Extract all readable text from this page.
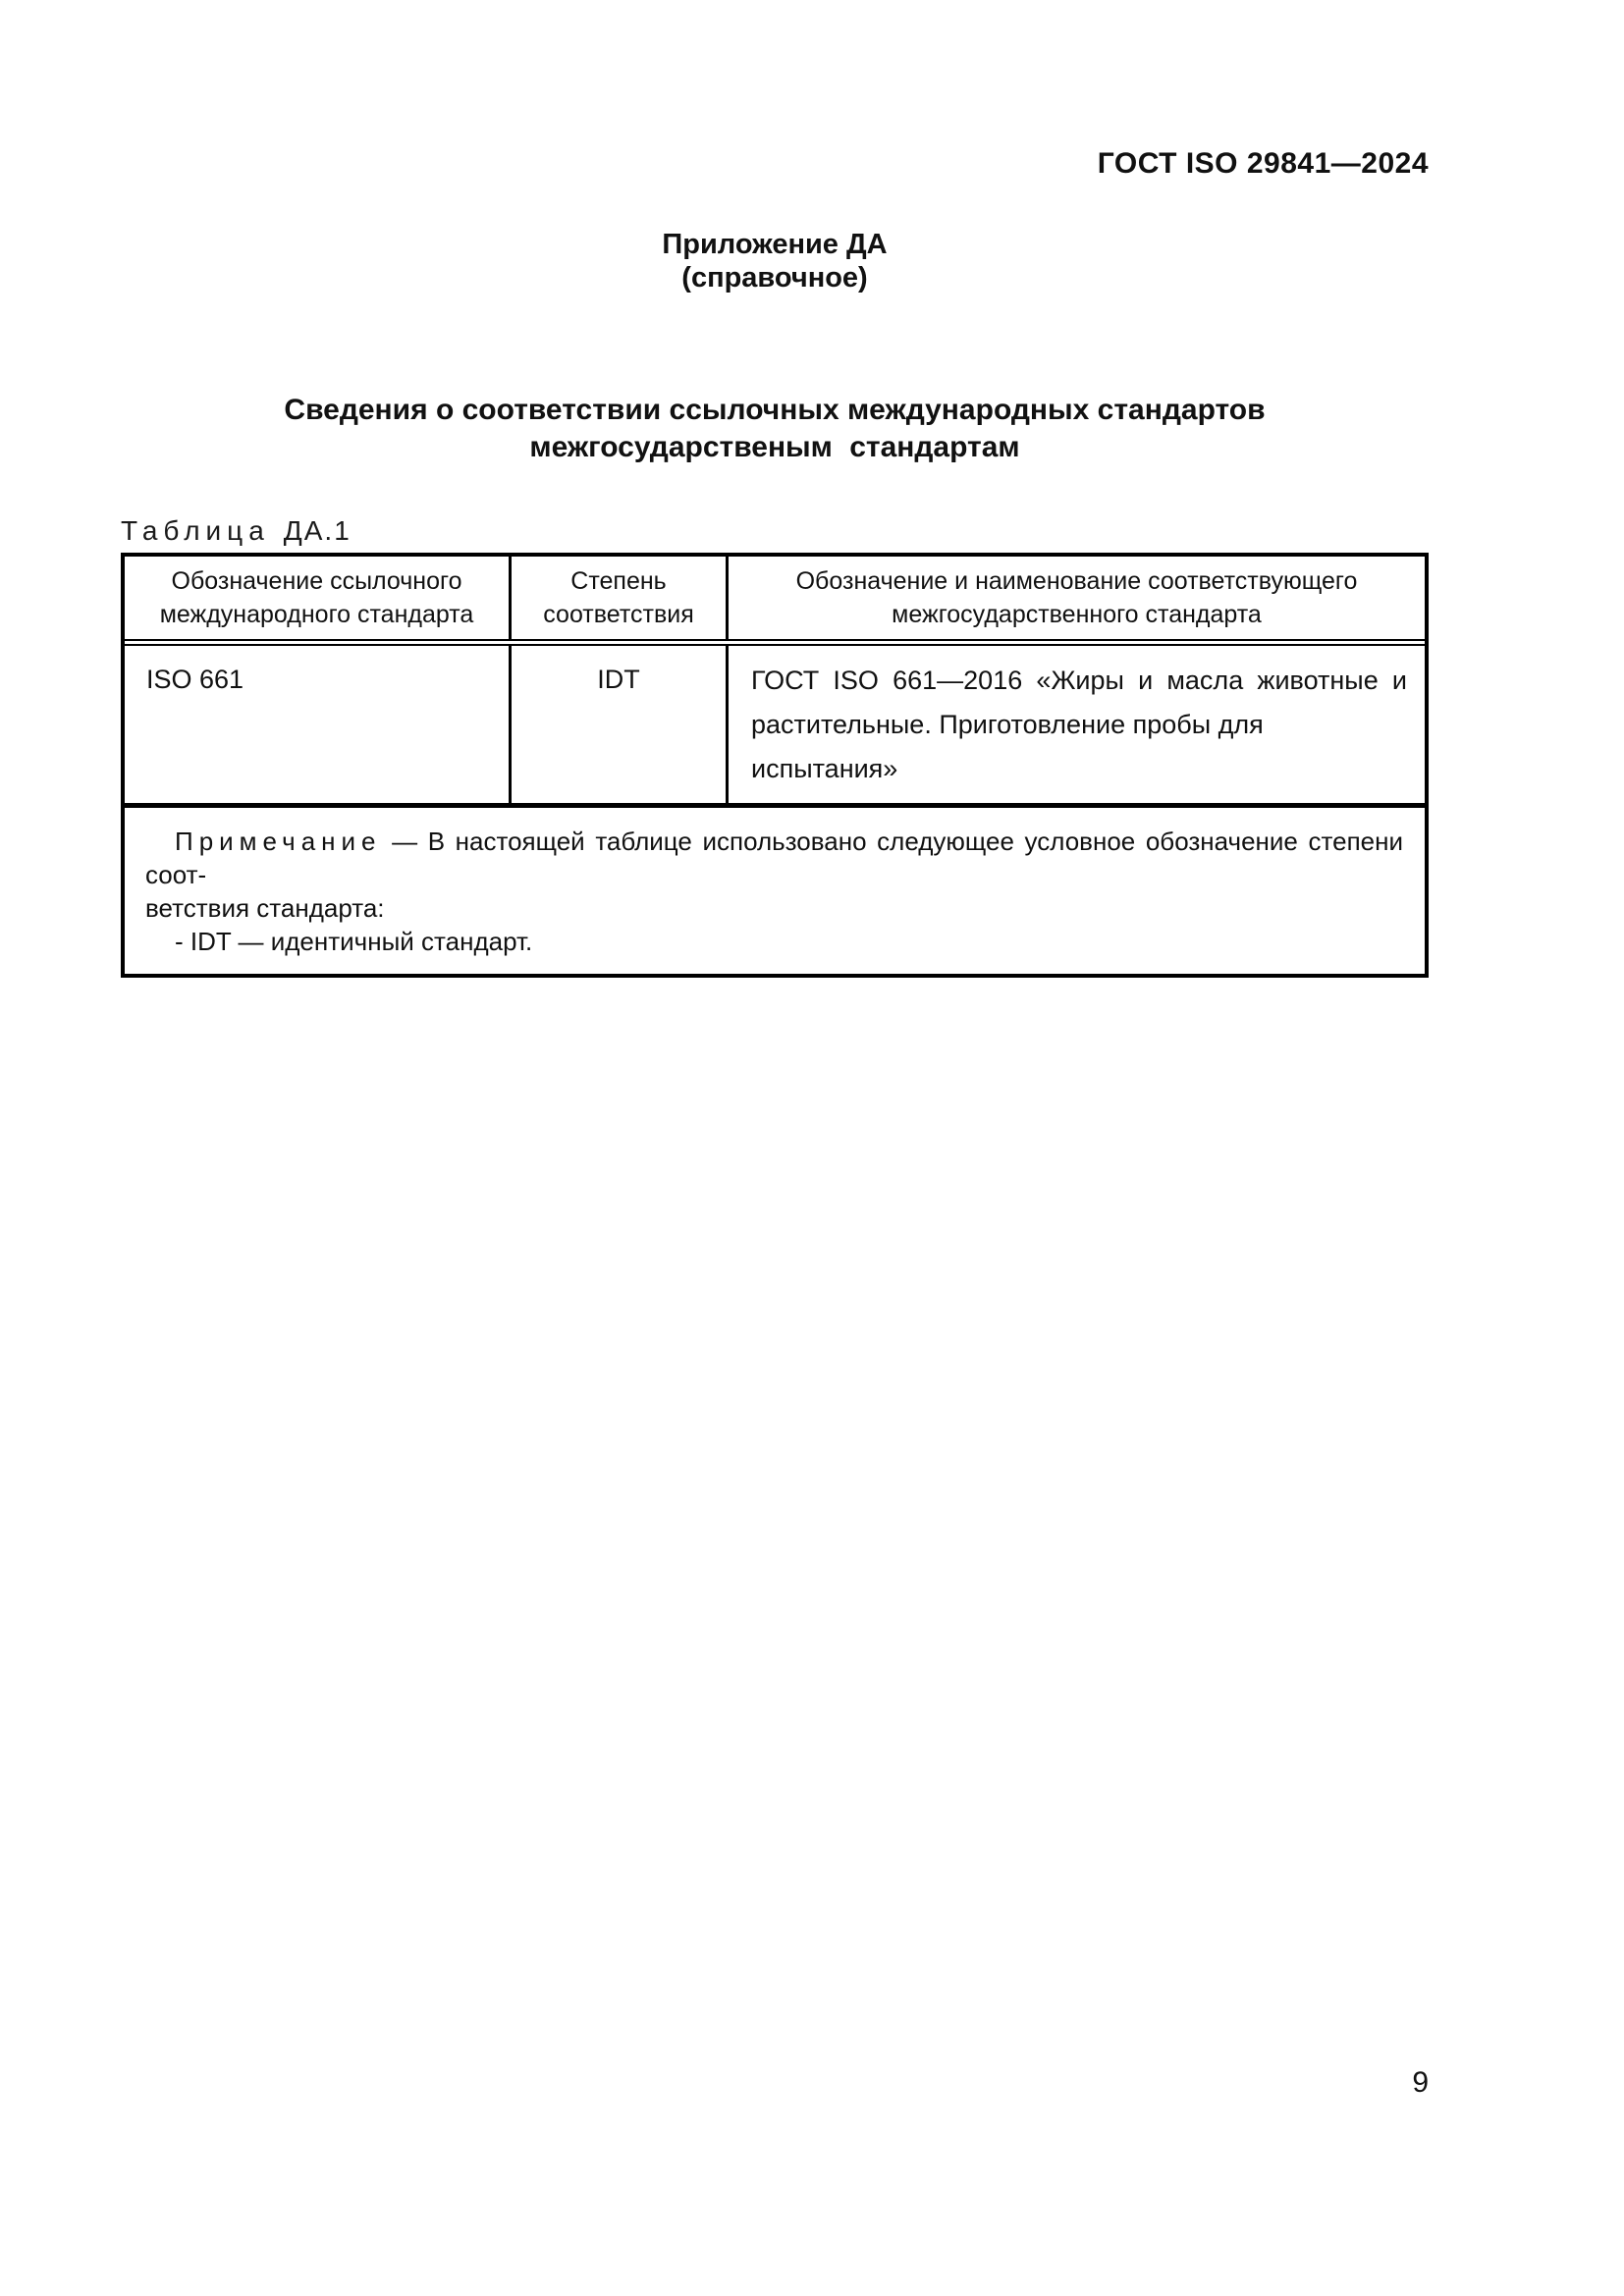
ГОСТ ISO 29841—2024
Приложение ДА
(справочное)
Сведения о соответствии ссылочных международных стандартов
межгосударственым стандартам
Таблица ДА.1
Обозначение ссылочного международного стандарта
Степень соответствия
Обозначение и наименование соответствующего межгосударственного стандарта
ISO 661	IDT	ГОСТ ISO 661—2016 «Жиры и масла животные и
растительные. Приготовление пробы для испытания»
Примечание — В настоящей таблице использовано следующее условное обозначение степени соот-
ветствия стандарта:
- IDT — идентичный стандарт.
9
